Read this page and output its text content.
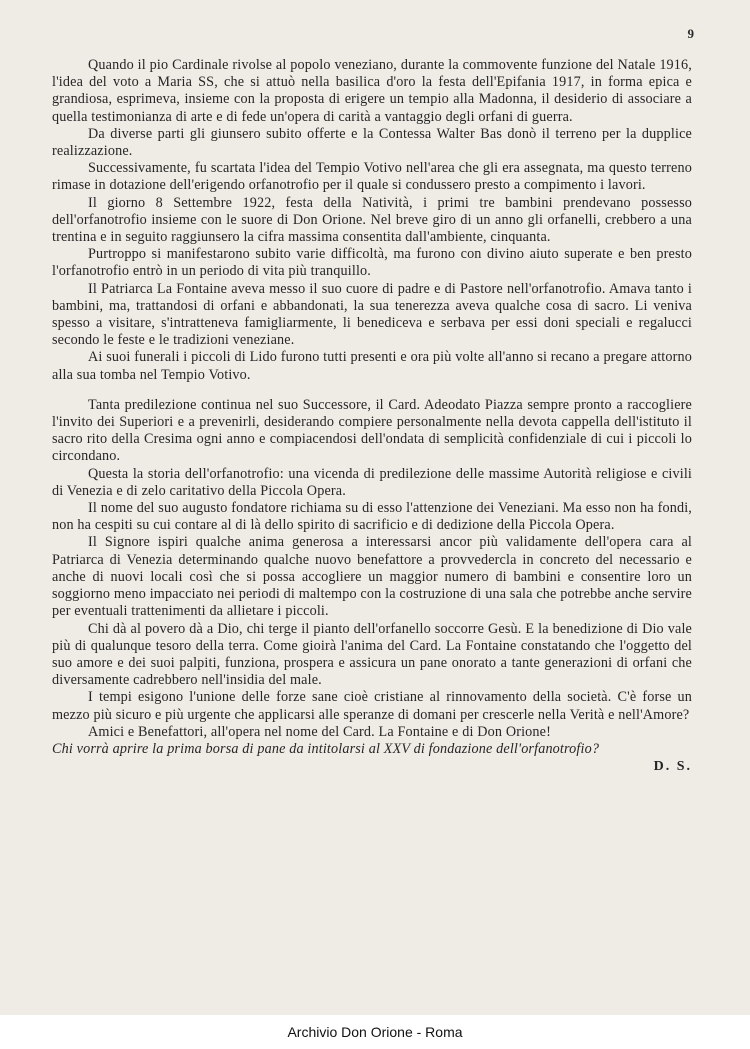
9

Quando il pio Cardinale rivolse al popolo veneziano, durante la commovente funzione del Natale 1916, l'idea del voto a Maria SS, che si attuò nella basilica d'oro la festa dell'Epifania 1917, in forma epica e grandiosa, esprimeva, insieme con la proposta di erigere un tempio alla Madonna, il desiderio di associare a quella testimonianza di arte e di fede un'opera di carità a vantaggio degli orfani di guerra.

Da diverse parti gli giunsero subito offerte e la Contessa Walter Bas donò il terreno per la dupplice realizzazione.

Successivamente, fu scartata l'idea del Tempio Votivo nell'area che gli era assegnata, ma questo terreno rimase in dotazione dell'erigendo orfanotrofio per il quale si condussero presto a compimento i lavori.

Il giorno 8 Settembre 1922, festa della Natività, i primi tre bambini prendevano possesso dell'orfanotrofio insieme con le suore di Don Orione. Nel breve giro di un anno gli orfanelli, crebbero a una trentina e in seguito raggiunsero la cifra massima consentita dall'ambiente, cinquanta.

Purtroppo si manifestarono subito varie difficoltà, ma furono con divino aiuto superate e ben presto l'orfanotrofio entrò in un periodo di vita più tranquillo.

Il Patriarca La Fontaine aveva messo il suo cuore di padre e di Pastore nell'orfanotrofio. Amava tanto i bambini, ma, trattandosi di orfani e abbandonati, la sua tenerezza aveva qualche cosa di sacro. Li veniva spesso a visitare, s'intratteneva famigliarmente, li benediceva e serbava per essi doni speciali e regalucci secondo le feste e le tradizioni veneziane.

Ai suoi funerali i piccoli di Lido furono tutti presenti e ora più volte all'anno si recano a pregare attorno alla sua tomba nel Tempio Votivo.

Tanta predilezione continua nel suo Successore, il Card. Adeodato Piazza sempre pronto a raccogliere l'invito dei Superiori e a prevenirli, desiderando compiere personalmente nella devota cappella dell'istituto il sacro rito della Cresima ogni anno e compiacendosi dell'ondata di semplicità confidenziale di cui i piccoli lo circondano.

Questa la storia dell'orfanotrofio: una vicenda di predilezione delle massime Autorità religiose e civili di Venezia e di zelo caritativo della Piccola Opera.

Il nome del suo augusto fondatore richiama su di esso l'attenzione dei Veneziani. Ma esso non ha fondi, non ha cespiti su cui contare al di là dello spirito di sacrificio e di dedizione della Piccola Opera.

Il Signore ispiri qualche anima generosa a interessarsi ancor più validamente dell'opera cara al Patriarca di Venezia determinando qualche nuovo benefattore a provvedercla in concreto del necessario e anche di nuovi locali così che si possa accogliere un maggior numero di bambini e consentire loro un soggiorno meno impacciato nei periodi di maltempo con la costruzione di una sala che potrebbe anche servire per eventuali trattenimenti da allietare i piccoli.

Chi dà al povero dà a Dio, chi terge il pianto dell'orfanello soccorre Gesù. E la benedizione di Dio vale più di qualunque tesoro della terra. Come gioirà l'anima del Card. La Fontaine constatando che l'oggetto del suo amore e dei suoi palpiti, funziona, prospera e assicura un pane onorato a tante generazioni di orfani che diversamente cadrebbero nell'insidia del male.

I tempi esigono l'unione delle forze sane cioè cristiane al rinnovamento della società. C'è forse un mezzo più sicuro e più urgente che applicarsi alle speranze di domani per crescerle nella Verità e nell'Amore?

Amici e Benefattori, all'opera nel nome del Card. La Fontaine e di Don Orione!

Chi vorrà aprire la prima borsa di pane da intitolarsi al XXV di fondazione dell'orfanotrofio?

D. S.
Archivio Don Orione - Roma
